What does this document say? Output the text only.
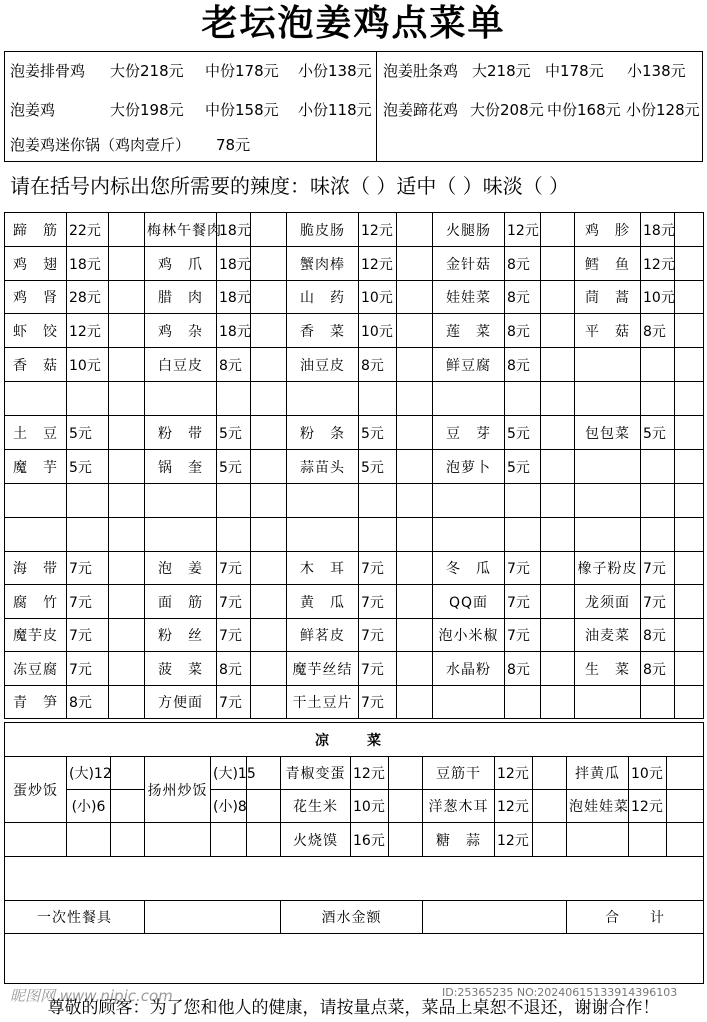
老坛泡姜鸡点菜单
泡姜排骨鸡 大份218元 中份178元 小份138元
泡姜鸡	大份198元 中份158元 小份118元
泡姜鸡迷你锅（鸡肉壹斤） 78元
泡姜肚条鸡 大218元 中178元 小138元
泡姜蹄花鸡 大份208元 中份168元 小份128元
请在括号内标出您所需要的辣度：味浓（ ）适中（ ）味淡（ ）
蹄　筋	22元		梅林午餐肉	18元		脆皮肠	12元		火腿肠	12元		鸡　胗	18元	
鸡　翅	18元		鸡　爪	18元		蟹肉棒	12元		金针菇	8元		鳕　鱼	12元	
鸡　肾	28元		腊　肉	18元		山　药	10元		娃娃菜	8元		茼　蒿	10元	
虾　饺	12元		鸡　杂	18元		香　菜	10元		莲　菜	8元		平　菇	8元	
香　菇	10元		白豆皮	8元		油豆皮	8元		鲜豆腐	8元				

土　豆	5元		粉　带	5元		粉　条	5元		豆　芽	5元		包包菜	5元	
魔　芋	5元		锅　奎	5元		蒜苗头	5元		泡萝卜	5元				

海　带	7元		泡　姜	7元		木　耳	7元		冬　瓜	7元		橡子粉皮	7元	
腐　竹	7元		面　筋	7元		黄　瓜	7元		QQ面	7元		龙须面	7元	
魔芋皮	7元		粉　丝	7元		鲜茗皮	7元		泡小米椒	7元		油麦菜	8元	
冻豆腐	7元		菠　菜	8元		魔芋丝结	7元		水晶粉	8元		生　菜	8元	
青　笋	8元		方便面	7元		干土豆片	7元							
凉　菜														
蛋炒饭	(大)12		扬州炒饭	(大)15		青椒变蛋	12元		豆筋干	12元		拌黄瓜	10元	
	(小)6			(小)8		花生米	10元		洋葱木耳	12元		泡娃娃菜	12元	
						火烧馍	16元		糖　蒜	12元				

一次性餐具						酒水金额						合　　计		

昵图网 www.nipic.com	ID:25365235 NO:20240615133914396103
尊敬的顾客：为了您和他人的健康，请按量点菜，菜品上桌恕不退还，谢谢合作！
